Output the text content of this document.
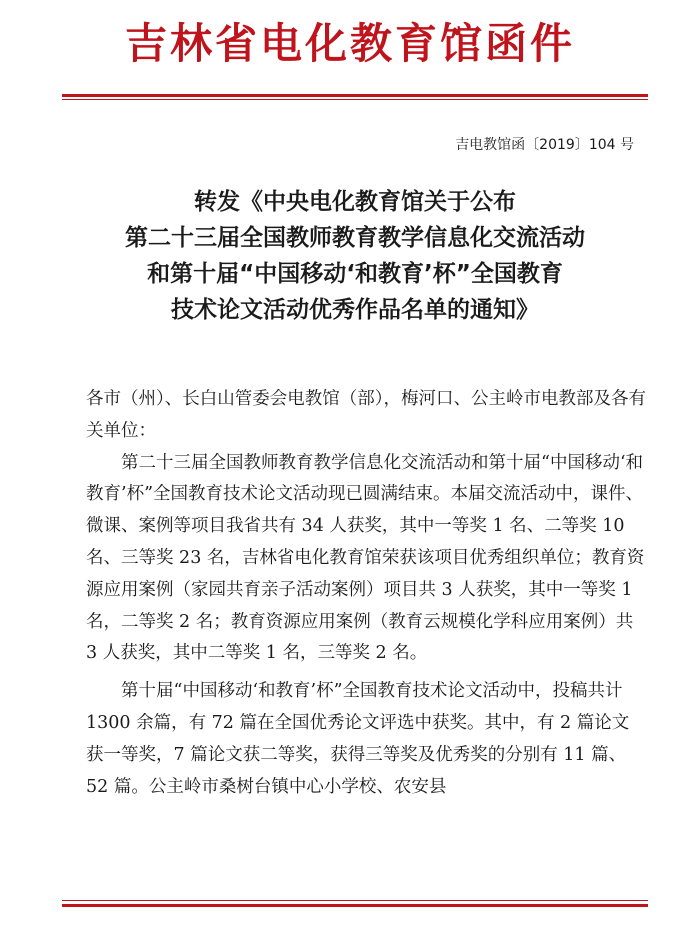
吉林省电化教育馆函件
吉电教馆函〔2019〕104 号
转发《中央电化教育馆关于公布
第二十三届全国教师教育教学信息化交流活动
和第十届“中国移动‘和教育’杯”全国教育
技术论文活动优秀作品名单的通知》

各市（州）、长白山管委会电教馆（部），梅河口、公主岭市电教部及各有关单位：

第二十三届全国教师教育教学信息化交流活动和第十届“中国移动‘和教育’杯”全国教育技术论文活动现已圆满结束。本届交流活动中，课件、微课、案例等项目我省共有 34 人获奖，其中一等奖 1 名、二等奖 10 名、三等奖 23 名，吉林省电化教育馆荣获该项目优秀组织单位；教育资源应用案例（家园共育亲子活动案例）项目共 3 人获奖，其中一等奖 1 名，二等奖 2 名；教育资源应用案例（教育云规模化学科应用案例）共 3 人获奖，其中二等奖 1 名，三等奖 2 名。

第十届“中国移动‘和教育’杯”全国教育技术论文活动中，投稿共计 1300 余篇，有 72 篇在全国优秀论文评选中获奖。其中，有 2 篇论文获一等奖，7 篇论文获二等奖，获得三等奖及优秀奖的分别有 11 篇、52 篇。公主岭市桑树台镇中心小学校、农安县
